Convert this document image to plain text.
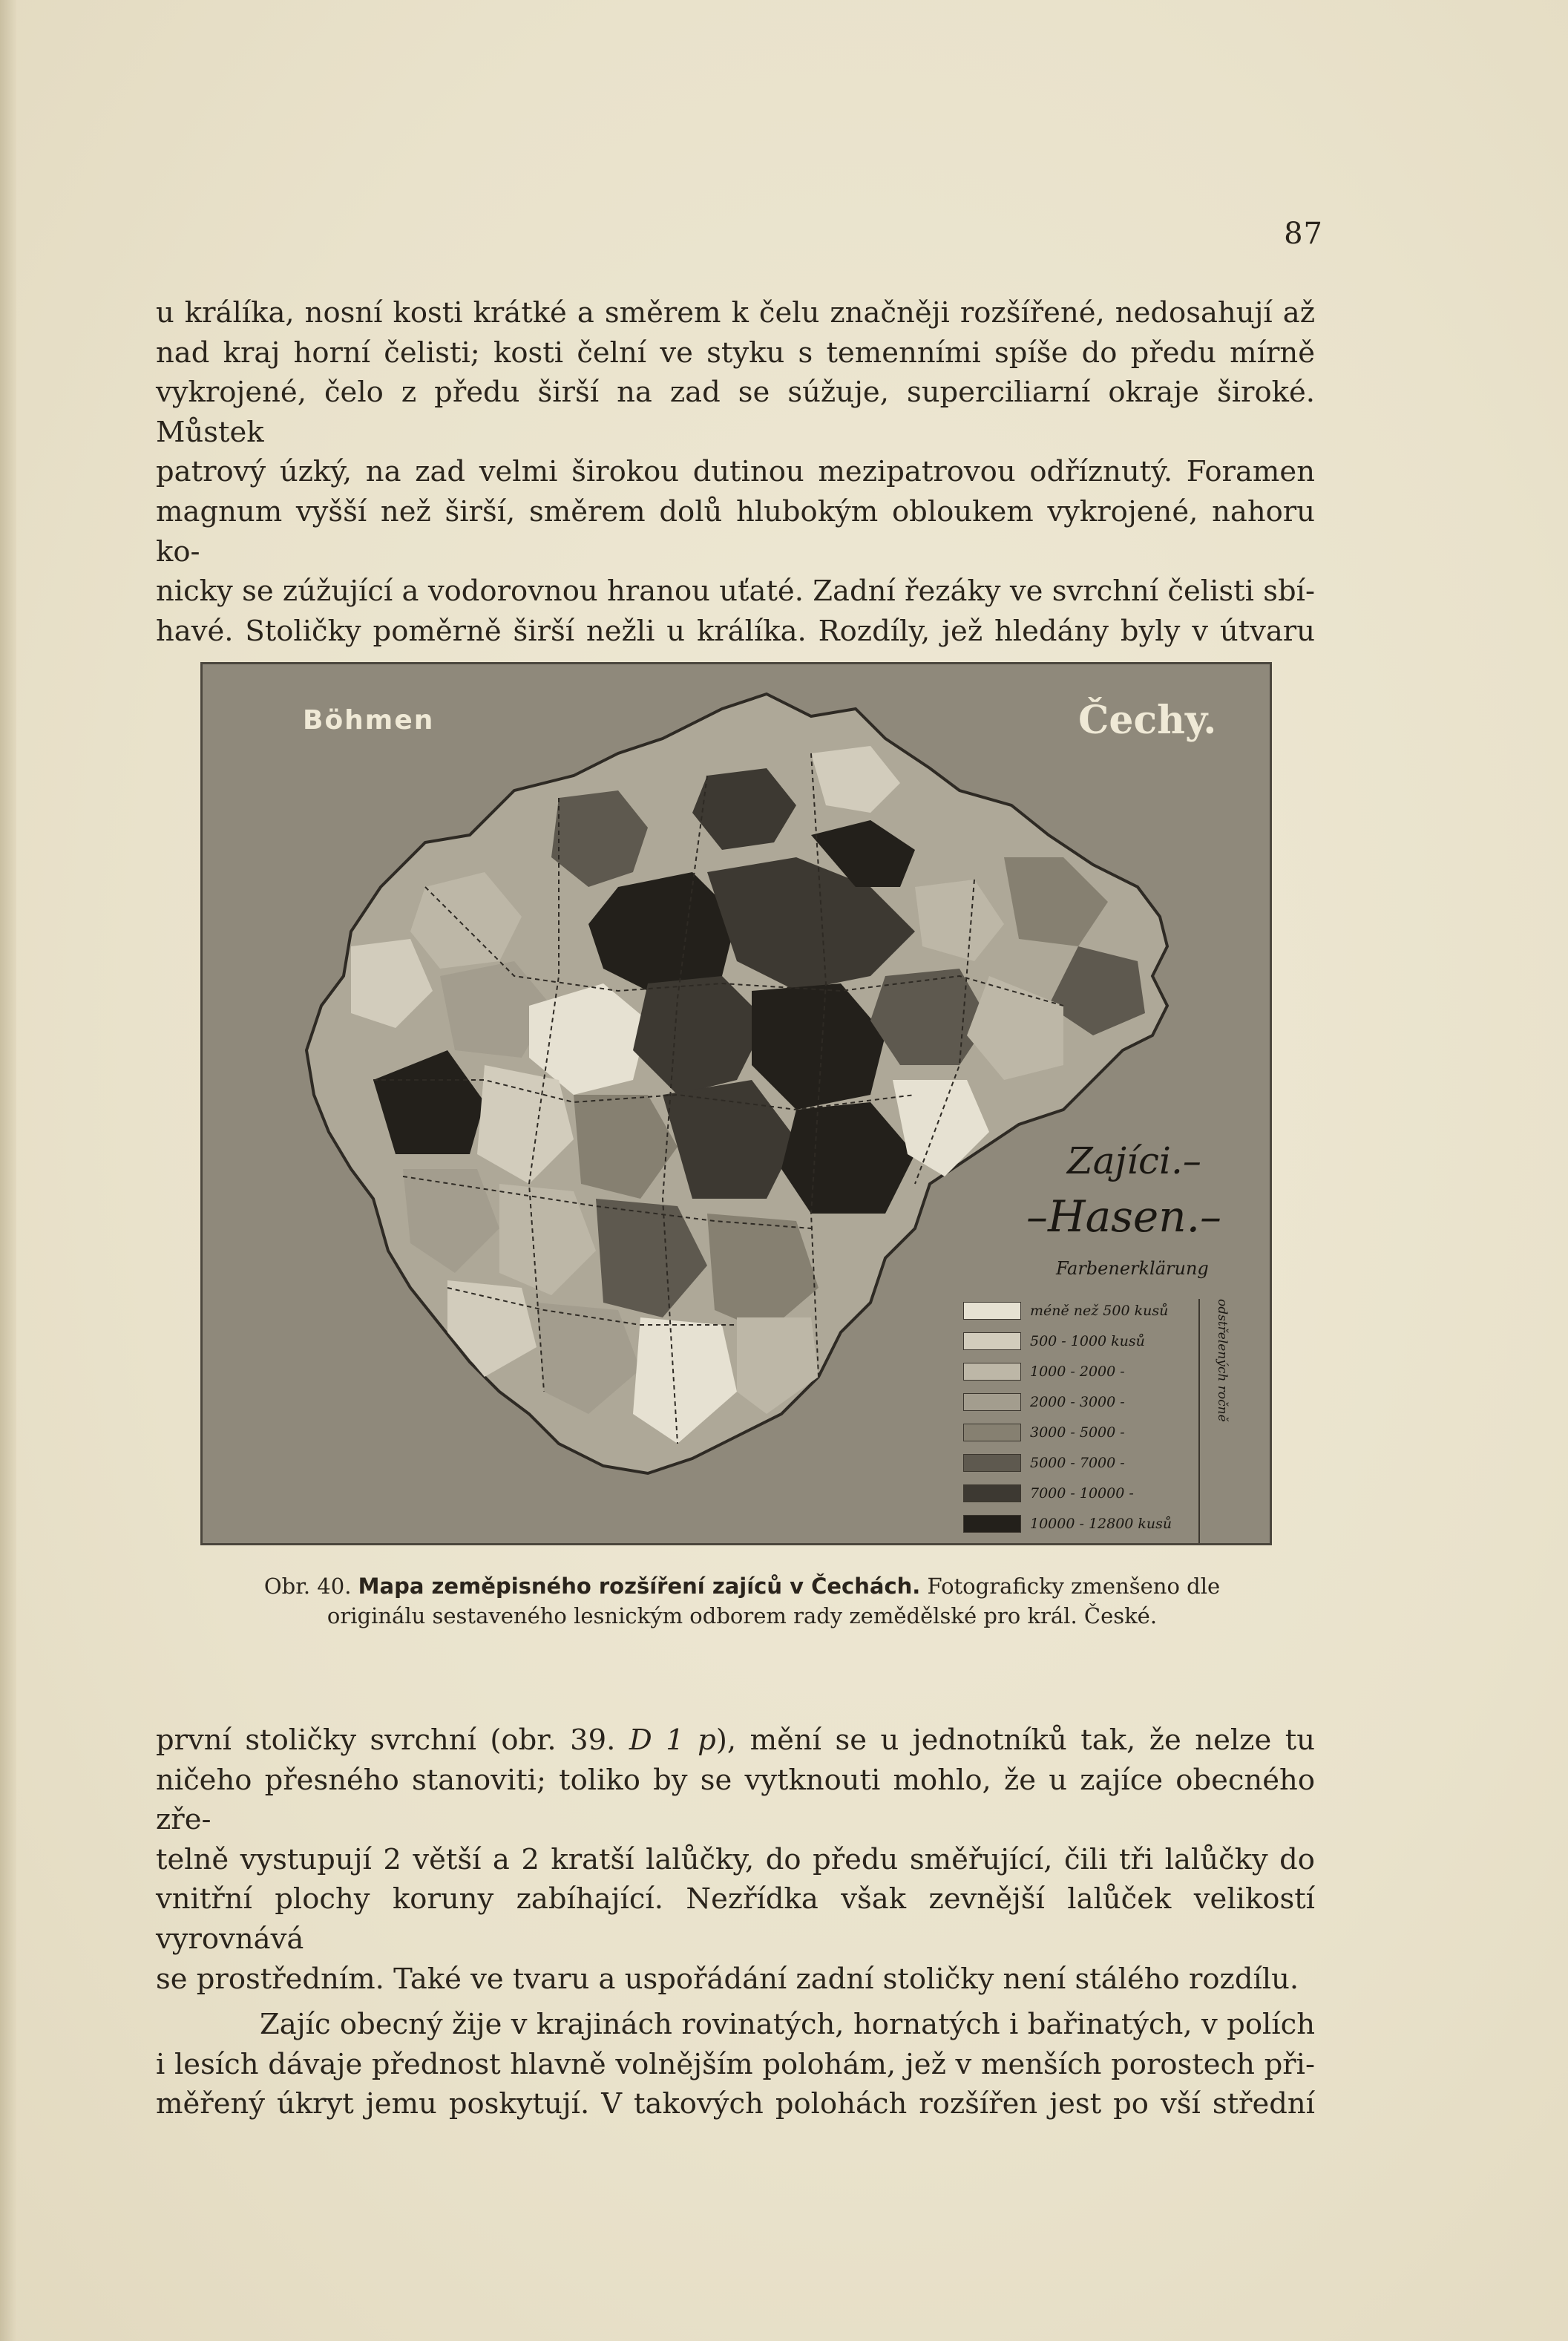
87

u králíka, nosní kosti krátké a směrem k čelu značněji rozšířené, nedosahují až

nad kraj horní čelisti; kosti čelní ve styku s temenními spíše do předu mírně

vykrojené, čelo z předu širší na zad se súžuje, superciliarní okraje široké. Můstek

patrový úzký, na zad velmi širokou dutinou mezipatrovou odříznutý. Foramen

magnum vyšší než širší, směrem dolů hlubokým obloukem vykrojené, nahoru ko-

nicky se zúžující a vodorovnou hranou uťaté. Zadní řezáky ve svrchní čelisti sbí-

havé. Stoličky poměrně širší nežli u králíka. Rozdíly, jež hledány byly v útvaru

Böhmen	Čechy.
Zajíci.–
–Hasen.–
Farbenerklärung
méně než 500 kusů
500 - 1000 kusů
1000 - 2000 -
2000 - 3000 -
3000 - 5000 -
5000 - 7000 -
7000 - 10000 -
10000 - 12800 kusů
odstřelených ročně
Obr. 40. Mapa zeměpisného rozšíření zajíců v Čechách. Fotograficky zmenšeno dle
originálu sestaveného lesnickým odborem rady zemědělské pro král. České.

první stoličky svrchní (obr. 39. D 1 p), mění se u jednotníků tak, že nelze tu

ničeho přesného stanoviti; toliko by se vytknouti mohlo, že u zajíce obecného zře-

telně vystupují 2 větší a 2 kratší lalůčky, do předu směřující, čili tři lalůčky do

vnitřní plochy koruny zabíhající. Nezřídka však zevnější lalůček velikostí vyrovnává

se prostředním. Také ve tvaru a uspořádání zadní stoličky není stálého rozdílu.

Zajíc obecný žije v krajinách rovinatých, hornatých i bařinatých, v polích

i lesích dávaje přednost hlavně volnějším polohám, jež v menších porostech při-

měřený úkryt jemu poskytují. V takových polohách rozšířen jest po vší střední
